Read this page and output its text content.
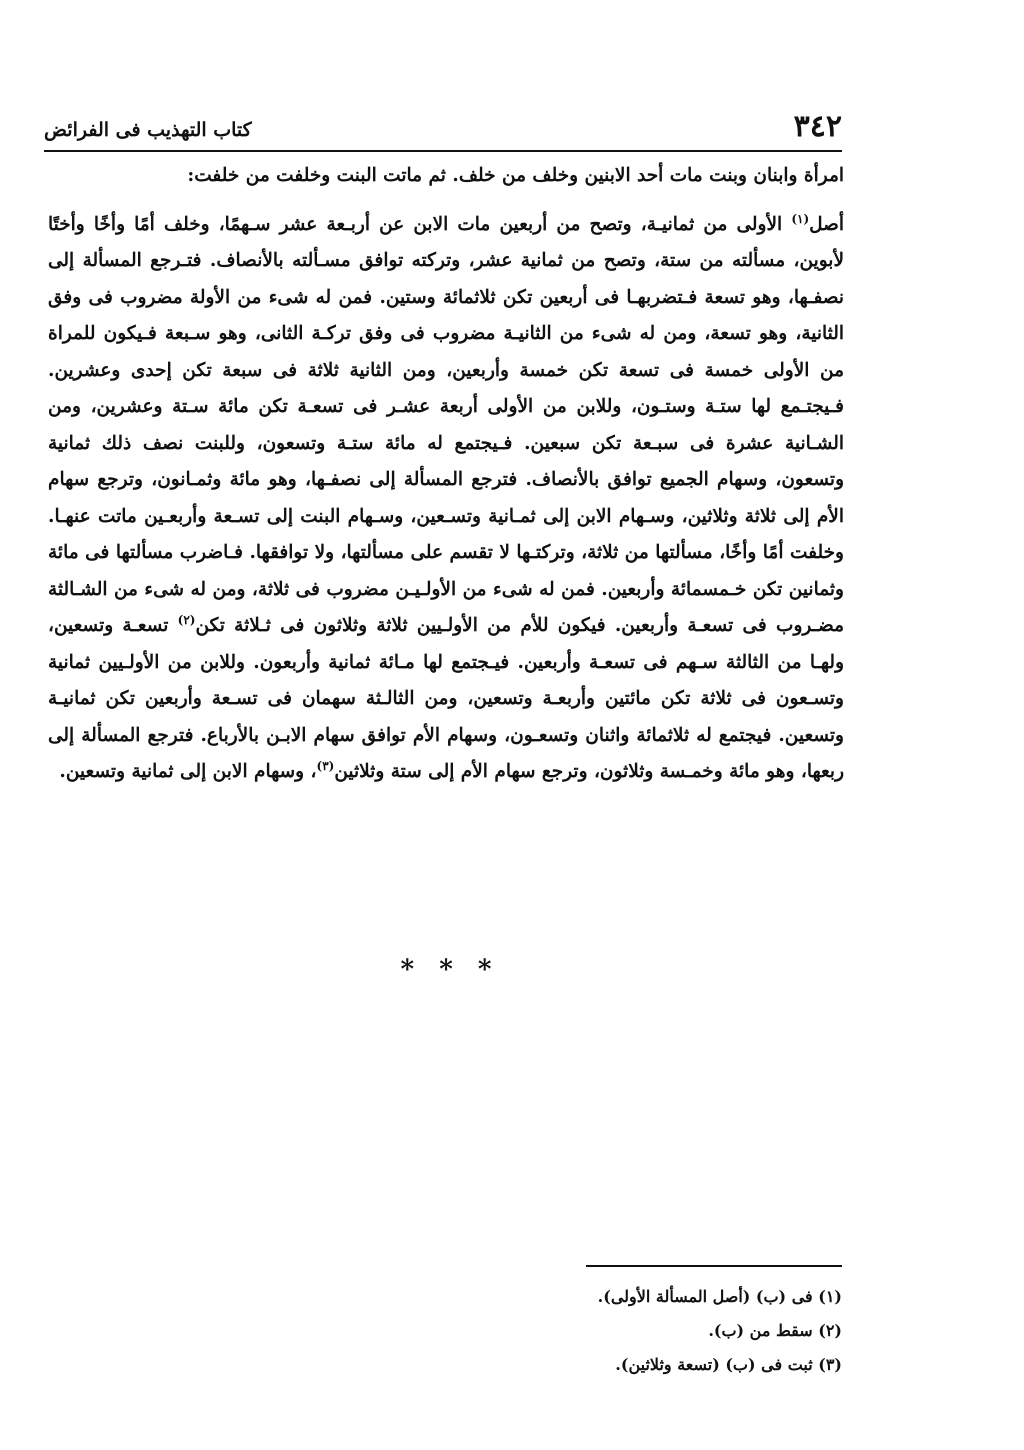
٣٤٢
كتاب التهذيب فى الفرائض

امرأة وابنان وبنت مات أحد الابنين وخلف من خلف. ثم ماتت البنت وخلفت من خلفت:

أصل$^{(١)}$ الأولى من ثمانيـة، وتصح من أربعين مات الابن عن أربـعة عشر سـهمًا، وخلف أمًا وأخًا وأختًا لأبوين، مسألته من ستة، وتصح من ثمانية عشر، وتركته توافق مسـألته بالأنصاف. فتـرجع المسألة إلى نصفـها، وهو تسعة فـتضربهـا فى أربعين تكن ثلاثمائة وستين. فمن له شىء من الأولة مضروب فى وفق الثانية، وهو تسعة، ومن له شىء من الثانيـة مضروب فى وفق تركـة الثانى، وهو سـبعة فـيكون للمراة من الأولى خمسة فى تسعة تكن خمسة وأربعين، ومن الثانية ثلاثة فى سبعة تكن إحدى وعشرين. فـيجتـمع لها ستـة وستـون، وللابن من الأولى أربعة عشـر فى تسعـة تكن مائة سـتة وعشرين، ومن الشـانية عشرة فى سبـعة تكن سبعين. فـيجتمع له مائة ستـة وتسعون، وللبنت نصف ذلك ثمانية وتسعون، وسهام الجميع توافق بالأنصاف. فترجع المسألة إلى نصفـها، وهو مائة وثمـانون، وترجع سهام الأم إلى ثلاثة وثلاثين، وسـهام الابن إلى ثمـانية وتسـعين، وسـهام البنت إلى تسـعة وأربعـين ماتت عنهـا. وخلفت أمًا وأخًا، مسألتها من ثلاثة، وتركتـها لا تقسم على مسألتها، ولا توافقها. فـاضرب مسألتها فى مائة وثمانين تكن خـمسمائة وأربعين. فمن له شىء من الأولـيـن مضروب فى ثلاثة، ومن له شىء من الشـالثة مضـروب فى تسعـة وأربعين. فيكون للأم من الأولـيين ثلاثة وثلاثون فى ثـلاثة تكن$^{(٢)}$ تسعـة وتسعين، ولهـا من الثالثة سـهم فى تسعـة وأربعين. فيـجتمع لها مـائة ثمانية وأربعون. وللابن من الأولـيين ثمانية وتسـعون فى ثلاثة تكن مائتين وأربعـة وتسعين، ومن الثالـثة سهمان فى تسـعة وأربعين تكن ثمانيـة وتسعين. فيجتمع له ثلاثمائة واثنان وتسعـون، وسهام الأم توافق سهام الابـن بالأرباع. فترجع المسألة إلى ربعها، وهو مائة وخمـسة وثلاثون، وترجع سهام الأم إلى ستة وثلاثين$^{(٣)}$، وسهام الابن إلى ثمانية وتسعين.

* * *
(١) فى (ب) (أصل المسألة الأولى).
(٢) سقط من (ب).
(٣) ثبت فى (ب) (تسعة وثلاثين).
